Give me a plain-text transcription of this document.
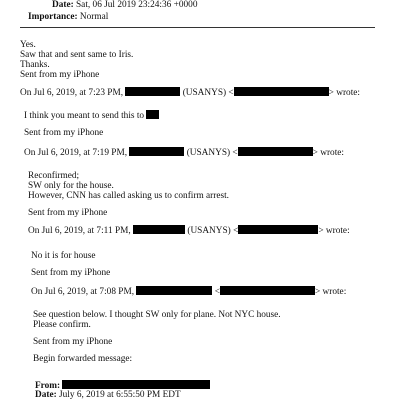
Date: Sat, 06 Jul 2019 23:24:36 +0000
Importance: Normal
Yes.
Saw that and sent same to Iris.
Thanks.
Sent from my iPhone
On Jul 6, 2019, at 7:23 PM,	(USANYS) <	> wrote:
I think you meant to send this to
Sent from my iPhone
On Jul 6, 2019, at 7:19 PM,	(USANYS) <	> wrote:
Reconfirmed;
SW only for the house.
However, CNN has called asking us to confirm arrest.
Sent from my iPhone
On Jul 6, 2019, at 7:11 PM,	(USANYS) <	> wrote:
No it is for house
Sent from my iPhone
On Jul 6, 2019, at 7:08 PM,	<	> wrote:
See question below. I thought SW only for plane. Not NYC house.
Please confirm.
Sent from my iPhone
Begin forwarded message:
From:
Date: July 6, 2019 at 6:55:50 PM EDT
